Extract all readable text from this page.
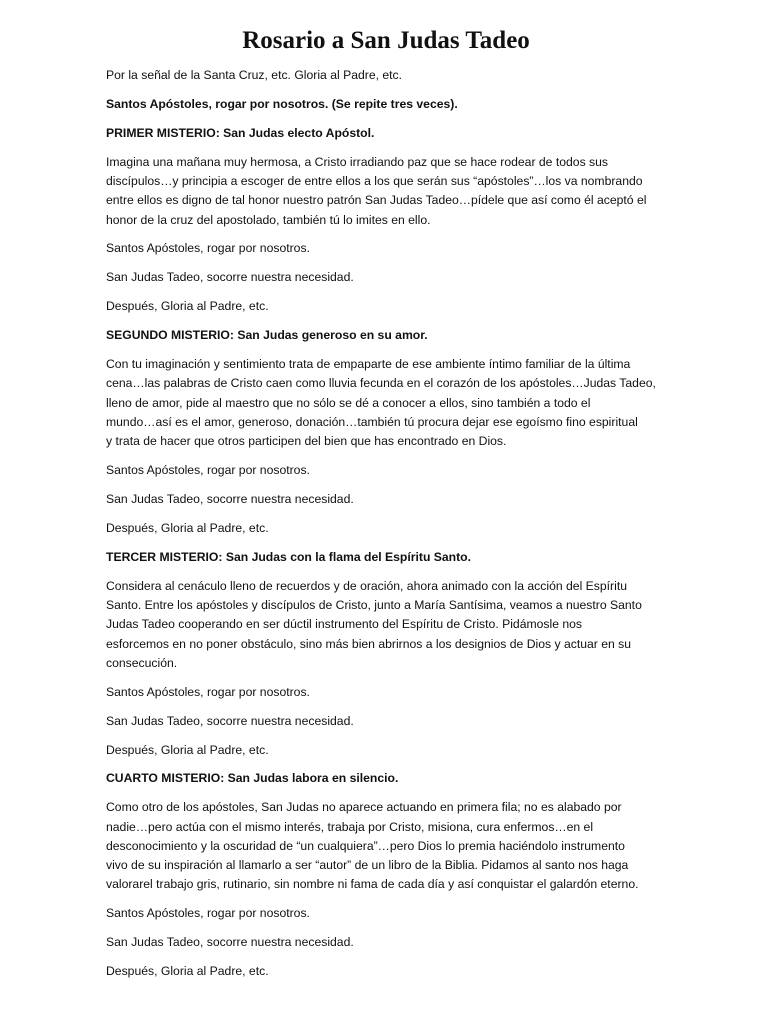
Rosario a San Judas Tadeo

Por la señal de la Santa Cruz, etc. Gloria al Padre, etc.

Santos Apóstoles, rogar por nosotros. (Se repite tres veces).

PRIMER MISTERIO: San Judas electo Apóstol.

Imagina una mañana muy hermosa, a Cristo irradiando paz que se hace rodear de todos sus
discípulos…y principia a escoger de entre ellos a los que serán sus “apóstoles”…los va nombrando
entre ellos es digno de tal honor nuestro patrón San Judas Tadeo…pídele que así como él aceptó el
honor de la cruz del apostolado, también tú lo imites en ello.

Santos Apóstoles, rogar por nosotros.

San Judas Tadeo, socorre nuestra necesidad.

Después, Gloria al Padre, etc.

SEGUNDO MISTERIO: San Judas generoso en su amor.

Con tu imaginación y sentimiento trata de empaparte de ese ambiente íntimo familiar de la última
cena…las palabras de Cristo caen como lluvia fecunda en el corazón de los apóstoles…Judas Tadeo,
lleno de amor, pide al maestro que no sólo se dé a conocer a ellos, sino también a todo el
mundo…así es el amor, generoso, donación…también tú procura dejar ese egoísmo fino espiritual
y trata de hacer que otros participen del bien que has encontrado en Dios.

Santos Apóstoles, rogar por nosotros.

San Judas Tadeo, socorre nuestra necesidad.

Después, Gloria al Padre, etc.

TERCER MISTERIO: San Judas con la flama del Espíritu Santo.

Considera al cenáculo lleno de recuerdos y de oración, ahora animado con la acción del Espíritu
Santo. Entre los apóstoles y discípulos de Cristo, junto a María Santísima, veamos a nuestro Santo
Judas Tadeo cooperando en ser dúctil instrumento del Espíritu de Cristo. Pidámosle nos
esforcemos en no poner obstáculo, sino más bien abrirnos a los designios de Dios y actuar en su
consecución.

Santos Apóstoles, rogar por nosotros.

San Judas Tadeo, socorre nuestra necesidad.

Después, Gloria al Padre, etc.

CUARTO MISTERIO: San Judas labora en silencio.

Como otro de los apóstoles, San Judas no aparece actuando en primera fila; no es alabado por
nadie…pero actúa con el mismo interés, trabaja por Cristo, misiona, cura enfermos…en el
desconocimiento y la oscuridad de “un cualquiera”…pero Dios lo premia haciéndolo instrumento
vivo de su inspiración al llamarlo a ser “autor” de un libro de la Biblia. Pidamos al santo nos haga
valorarel trabajo gris, rutinario, sin nombre ni fama de cada día y así conquistar el galardón eterno.

Santos Apóstoles, rogar por nosotros.

San Judas Tadeo, socorre nuestra necesidad.

Después, Gloria al Padre, etc.
